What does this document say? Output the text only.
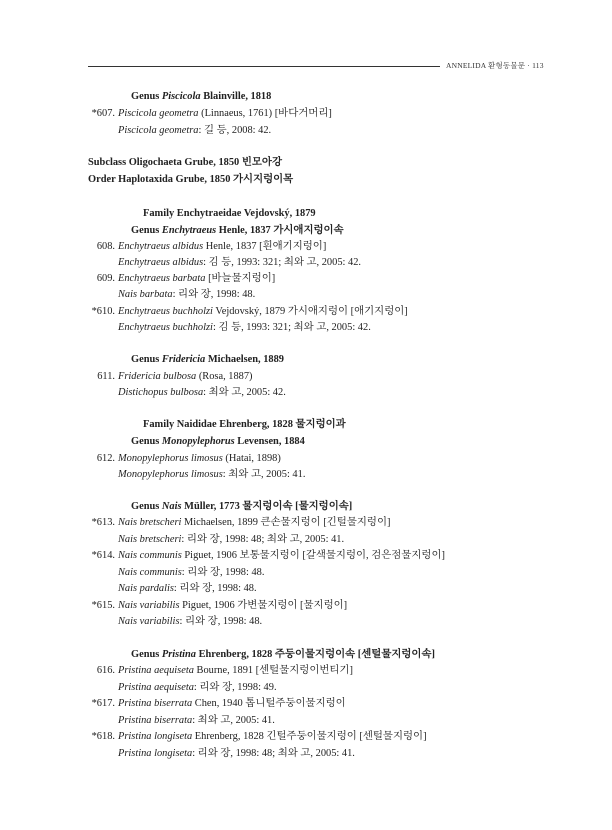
ANNELIDA 환형동물문 · 113
Genus Piscicola Blainville, 1818
*607. Piscicola geometra (Linnaeus, 1761) [바다거머리]
Piscicola geometra: 길 등, 2008: 42.
Subclass Oligochaeta Grube, 1850 빈모아강
Order Haplotaxida Grube, 1850 가시지렁이목
Family Enchytraeidae Vejdovský, 1879
Genus Enchytraeus Henle, 1837 가시애지렁이속
608. Enchytraeus albidus Henle, 1837 [흰애기지렁이]
Enchytraeus albidus: 김 등, 1993: 321; 최와 고, 2005: 42.
609. Enchytraeus barbata [바늘물지렁이]
Nais barbata: 리와 장, 1998: 48.
*610. Enchytraeus buchholzi Vejdovský, 1879 가시애지렁이 [애기지렁이]
Enchytraeus buchholzi: 김 등, 1993: 321; 최와 고, 2005: 42.
Genus Fridericia Michaelsen, 1889
611. Fridericia bulbosa (Rosa, 1887)
Distichopus bulbosa: 최와 고, 2005: 42.
Family Naididae Ehrenberg, 1828 물지렁이과
Genus Monopylephorus Levensen, 1884
612. Monopylephorus limosus (Hatai, 1898)
Monopylephorus limosus: 최와 고, 2005: 41.
Genus Nais Müller, 1773 물지렁이속 [물지렁이속]
*613. Nais bretscheri Michaelsen, 1899 큰손물지렁이 [긴털물지렁이]
Nais bretscheri: 리와 장, 1998: 48; 최와 고, 2005: 41.
*614. Nais communis Piguet, 1906 보통물지렁이 [갈색물지렁이, 검은점물지렁이]
Nais communis: 리와 장, 1998: 48.
Nais pardalis: 리와 장, 1998: 48.
*615. Nais variabilis Piguet, 1906 가변물지렁이 [물지렁이]
Nais variabilis: 리와 장, 1998: 48.
Genus Pristina Ehrenberg, 1828 주둥이물지렁이속 [센털물지렁이속]
616. Pristina aequiseta Bourne, 1891 [센털물지렁이번티기]
Pristina aequiseta: 리와 장, 1998: 49.
*617. Pristina biserrata Chen, 1940 톱니털주둥이물지렁이
Pristina biserrata: 최와 고, 2005: 41.
*618. Pristina longiseta Ehrenberg, 1828 긴털주둥이물지렁이 [센털물지렁이]
Pristina longiseta: 리와 장, 1998: 48; 최와 고, 2005: 41.
